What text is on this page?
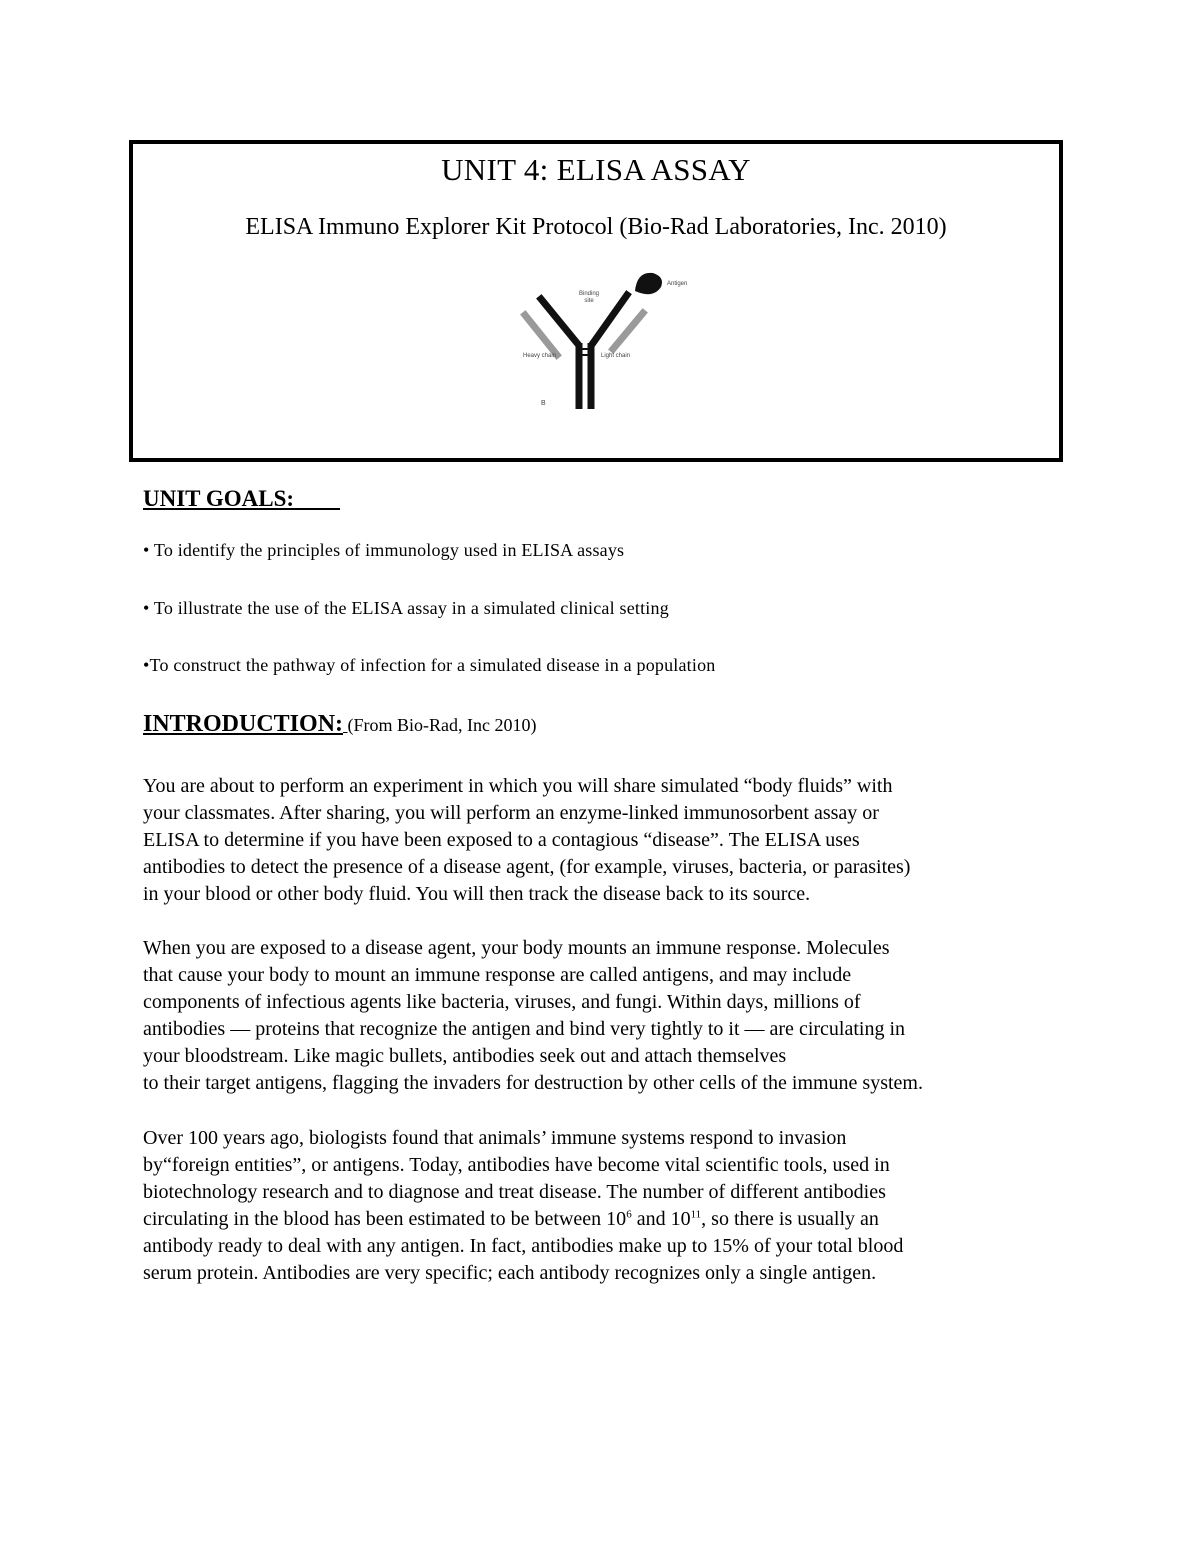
UNIT 4: ELISA ASSAY
ELISA Immuno Explorer Kit Protocol (Bio-Rad Laboratories, Inc. 2010)
Antigen
Binding site
Heavy chain	Light chain
B
UNIT GOALS:
• To identify the principles of immunology used in ELISA assays
• To illustrate the use of the ELISA assay in a simulated clinical setting
•To construct the pathway of infection for a simulated disease in a population
INTRODUCTION: (From Bio-Rad, Inc 2010)
You are about to perform an experiment in which you will share simulated “body fluids” with
your classmates. After sharing, you will perform an enzyme-linked immunosorbent assay or
ELISA to determine if you have been exposed to a contagious “disease”. The ELISA uses
antibodies to detect the presence of a disease agent, (for example, viruses, bacteria, or parasites)
in your blood or other body fluid. You will then track the disease back to its source.
When you are exposed to a disease agent, your body mounts an immune response. Molecules
that cause your body to mount an immune response are called antigens, and may include
components of infectious agents like bacteria, viruses, and fungi. Within days, millions of
antibodies — proteins that recognize the antigen and bind very tightly to it — are circulating in
your bloodstream. Like magic bullets, antibodies seek out and attach themselves
to their target antigens, flagging the invaders for destruction by other cells of the immune system.
Over 100 years ago, biologists found that animals’ immune systems respond to invasion
by“foreign entities”, or antigens. Today, antibodies have become vital scientific tools, used in
biotechnology research and to diagnose and treat disease. The number of different antibodies
circulating in the blood has been estimated to be between $10^6$ and $10^{11}$, so there is usually an
antibody ready to deal with any antigen. In fact, antibodies make up to 15% of your total blood
serum protein. Antibodies are very specific; each antibody recognizes only a single antigen.
